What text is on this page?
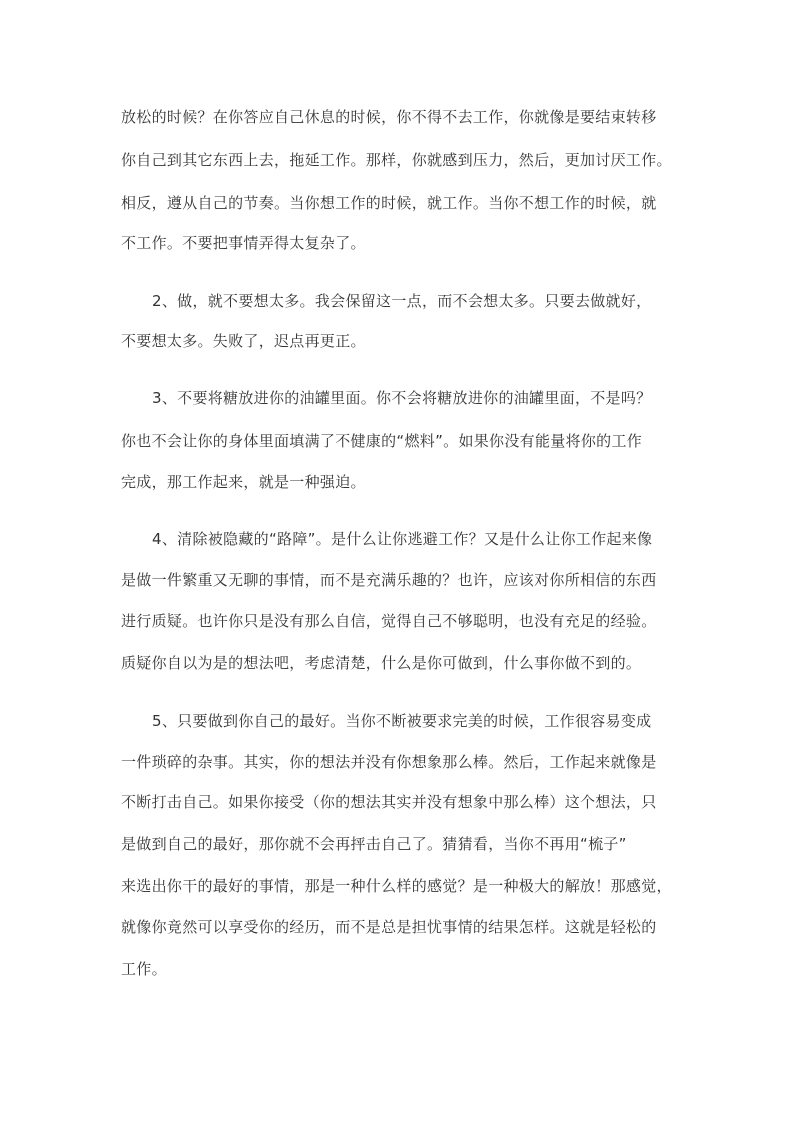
放松的时候？在你答应自己休息的时候，你不得不去工作，你就像是要结束转移
你自己到其它东西上去，拖延工作。那样，你就感到压力，然后，更加讨厌工作。
相反，遵从自己的节奏。当你想工作的时候，就工作。当你不想工作的时候，就
不工作。不要把事情弄得太复杂了。
2、做，就不要想太多。我会保留这一点，而不会想太多。只要去做就好，
不要想太多。失败了，迟点再更正。
3、不要将糖放进你的油罐里面。你不会将糖放进你的油罐里面，不是吗？
你也不会让你的身体里面填满了不健康的“燃料”。如果你没有能量将你的工作
完成，那工作起来，就是一种强迫。
4、清除被隐藏的“路障”。是什么让你逃避工作？又是什么让你工作起来像
是做一件繁重又无聊的事情，而不是充满乐趣的？也许，应该对你所相信的东西
进行质疑。也许你只是没有那么自信，觉得自己不够聪明，也没有充足的经验。
质疑你自以为是的想法吧，考虑清楚，什么是你可做到，什么事你做不到的。
5、只要做到你自己的最好。当你不断被要求完美的时候，工作很容易变成
一件琐碎的杂事。其实，你的想法并没有你想象那么棒。然后，工作起来就像是
不断打击自己。如果你接受（你的想法其实并没有想象中那么棒）这个想法，只
是做到自己的最好，那你就不会再抨击自己了。猜猜看，当你不再用“梳子”
来选出你干的最好的事情，那是一种什么样的感觉？是一种极大的解放！那感觉，
就像你竟然可以享受你的经历，而不是总是担忧事情的结果怎样。这就是轻松的
工作。
